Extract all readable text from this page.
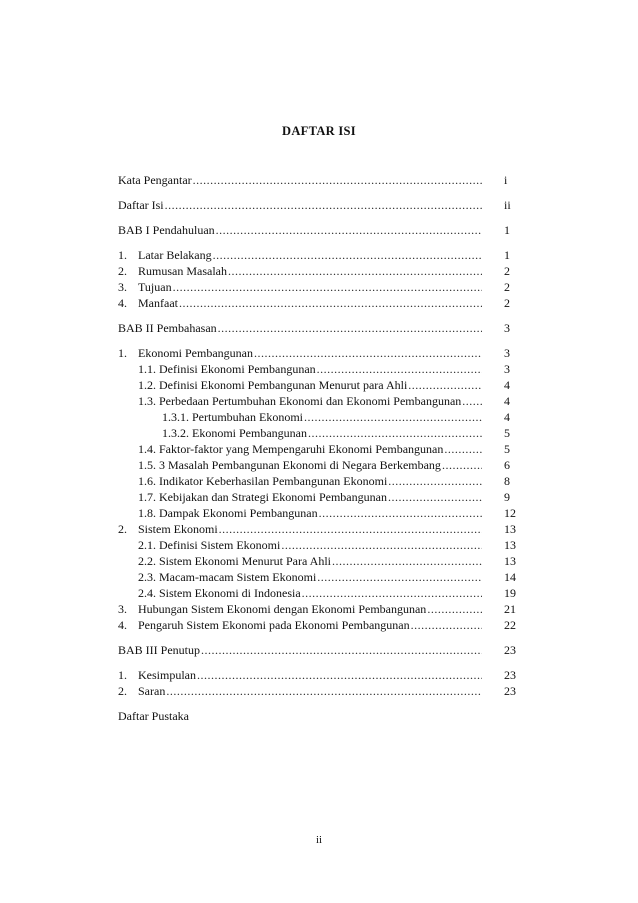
DAFTAR ISI
Kata Pengantar .....	i
Daftar Isi .....	ii
BAB I Pendahuluan .....	1
1. Latar Belakang .....	1
2. Rumusan Masalah .....	2
3. Tujuan .....	2
4. Manfaat .....	2
BAB II Pembahasan .....	3
1. Ekonomi Pembangunan .....	3
1.1. Definisi Ekonomi Pembangunan .....	3
1.2. Definisi Ekonomi Pembangunan Menurut para Ahli .....	4
1.3. Perbedaan Pertumbuhan Ekonomi dan Ekonomi Pembangunan .....	4
1.3.1. Pertumbuhan Ekonomi .....	4
1.3.2. Ekonomi Pembangunan .....	5
1.4. Faktor-faktor yang Mempengaruhi Ekonomi Pembangunan .....	5
1.5. 3 Masalah Pembangunan Ekonomi di Negara Berkembang .....	6
1.6. Indikator Keberhasilan Pembangunan Ekonomi .....	8
1.7. Kebijakan dan Strategi Ekonomi Pembangunan .....	9
1.8. Dampak Ekonomi Pembangunan .....	12
2. Sistem Ekonomi .....	13
2.1. Definisi Sistem Ekonomi .....	13
2.2. Sistem Ekonomi Menurut Para Ahli .....	13
2.3. Macam-macam Sistem Ekonomi .....	14
2.4. Sistem Ekonomi di Indonesia .....	19
3. Hubungan Sistem Ekonomi dengan Ekonomi Pembangunan .....	21
4. Pengaruh Sistem Ekonomi pada Ekonomi Pembangunan .....	22
BAB III Penutup .....	23
1. Kesimpulan .....	23
2. Saran .....	23
Daftar Pustaka
ii
